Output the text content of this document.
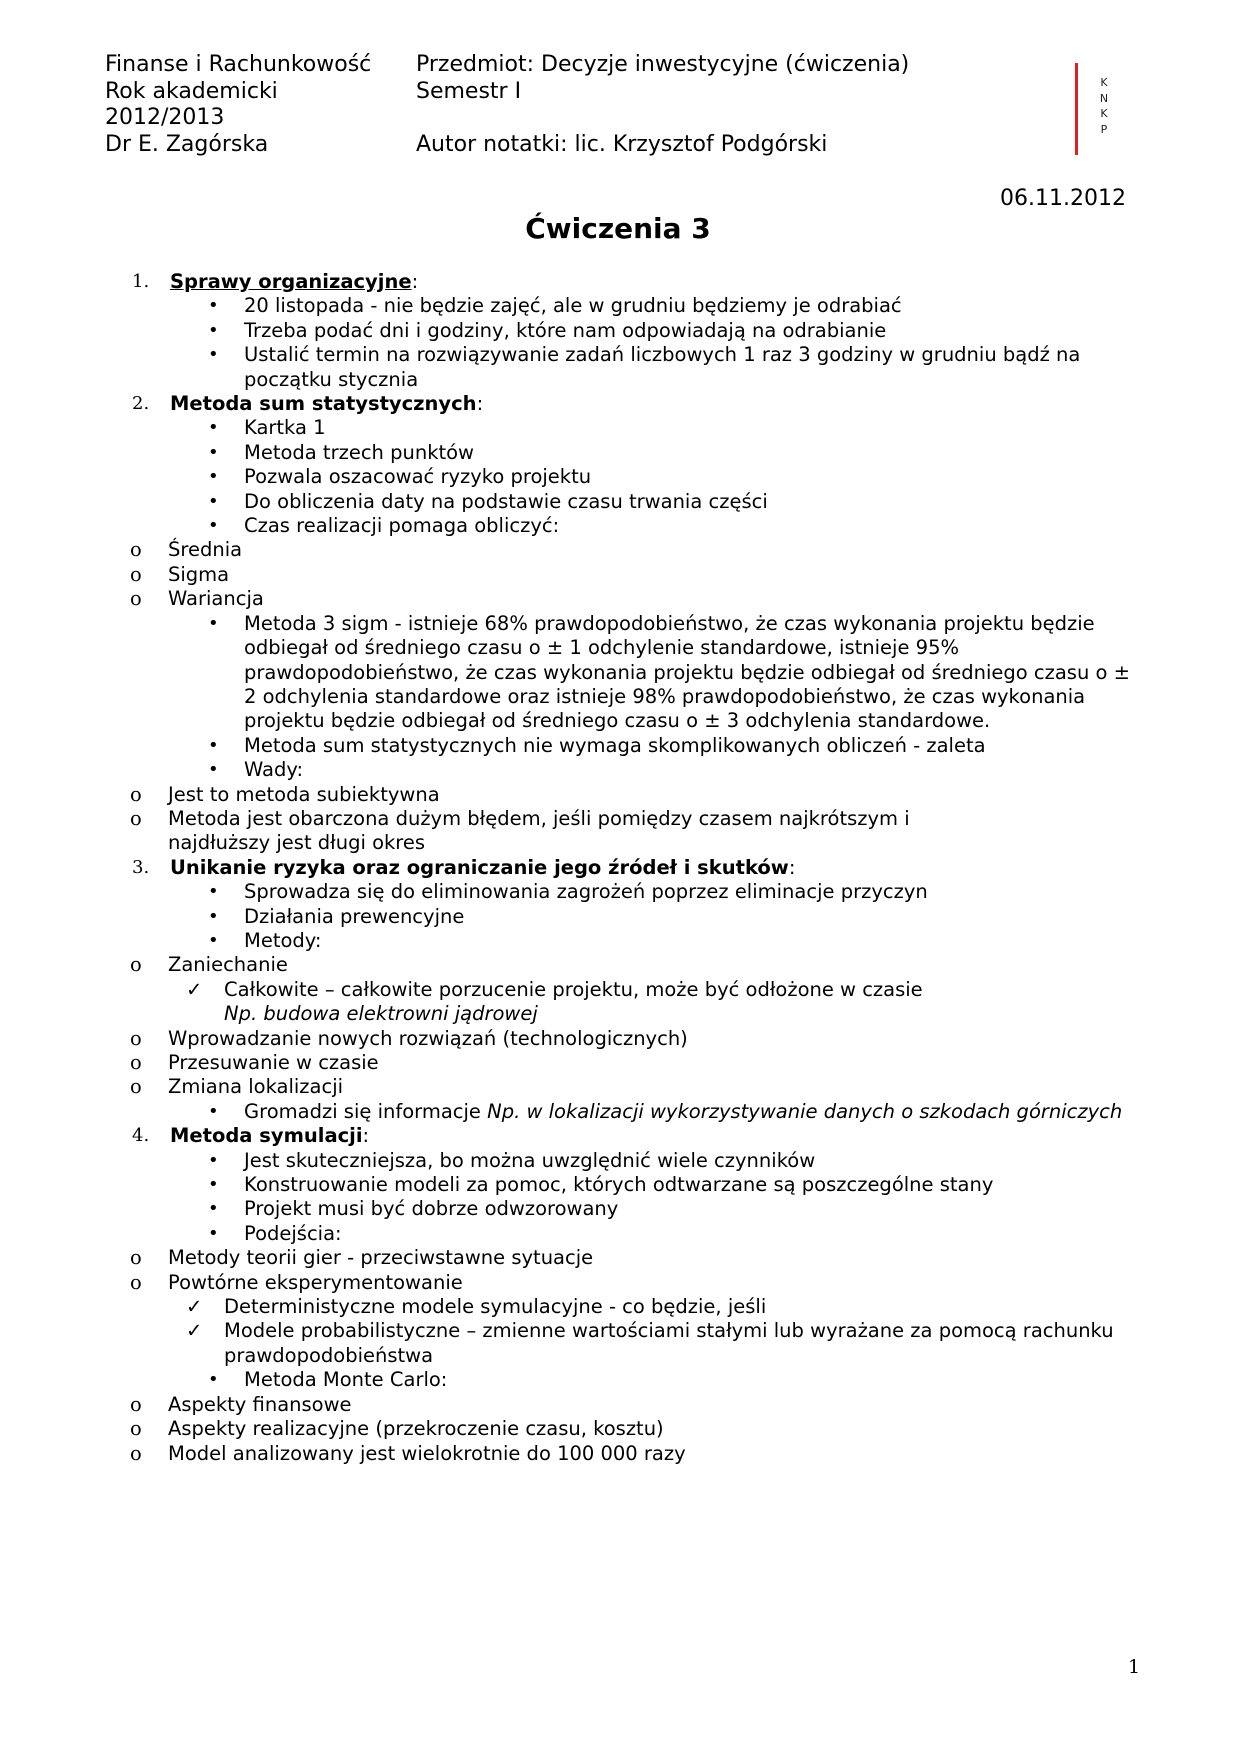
Finanse i Rachunkowość
Rok akademicki
2012/2013
Dr E. Zagórska
Przedmiot: Decyzje inwestycyjne (ćwiczenia)
Semestr I

Autor notatki: lic. Krzysztof Podgórski
K
N
K
P
06.11.2012
Ćwiczenia 3
1. Sprawy organizacyjne:
• 20 listopada - nie będzie zajęć, ale w grudniu będziemy je odrabiać
• Trzeba podać dni i godziny, które nam odpowiadają na odrabianie
• Ustalić termin na rozwiązywanie zadań liczbowych 1 raz 3 godziny w grudniu bądź na początku stycznia
2. Metoda sum statystycznych:
• Kartka 1
• Metoda trzech punktów
• Pozwala oszacować ryzyko projektu
• Do obliczenia daty na podstawie czasu trwania części
• Czas realizacji pomaga obliczyć:
o Średnia
o Sigma
o Wariancja
• Metoda 3 sigm - istnieje 68% prawdopodobieństwo, że czas wykonania projektu będzie odbiegał od średniego czasu o ± 1 odchylenie standardowe, istnieje 95% prawdopodobieństwo, że czas wykonania projektu będzie odbiegał od średniego czasu o ± 2 odchylenia standardowe oraz istnieje 98% prawdopodobieństwo, że czas wykonania projektu będzie odbiegał od średniego czasu o ± 3 odchylenia standardowe.
• Metoda sum statystycznych nie wymaga skomplikowanych obliczeń - zaleta
• Wady:
o Jest to metoda subiektywna
o Metoda jest obarczona dużym błędem, jeśli pomiędzy czasem najkrótszym i najdłuższy jest długi okres
3. Unikanie ryzyka oraz ograniczanie jego źródeł i skutków:
• Sprowadza się do eliminowania zagrożeń poprzez eliminacje przyczyn
• Działania prewencyjne
• Metody:
o Zaniechanie
✓ Całkowite – całkowite porzucenie projektu, może być odłożone w czasie
Np. budowa elektrowni jądrowej
o Wprowadzanie nowych rozwiązań (technologicznych)
o Przesuwanie w czasie
o Zmiana lokalizacji
• Gromadzi się informacje Np. w lokalizacji wykorzystywanie danych o szkodach górniczych
4. Metoda symulacji:
• Jest skuteczniejsza, bo można uwzględnić wiele czynników
• Konstruowanie modeli za pomoc, których odtwarzane są poszczególne stany
• Projekt musi być dobrze odwzorowany
• Podejścia:
o Metody teorii gier - przeciwstawne sytuacje
o Powtórne eksperymentowanie
✓ Deterministyczne modele symulacyjne - co będzie, jeśli
✓ Modele probabilistyczne – zmienne wartościami stałymi lub wyrażane za pomocą rachunku prawdopodobieństwa
• Metoda Monte Carlo:
o Aspekty finansowe
o Aspekty realizacyjne (przekroczenie czasu, kosztu)
o Model analizowany jest wielokrotnie do 100 000 razy
1
